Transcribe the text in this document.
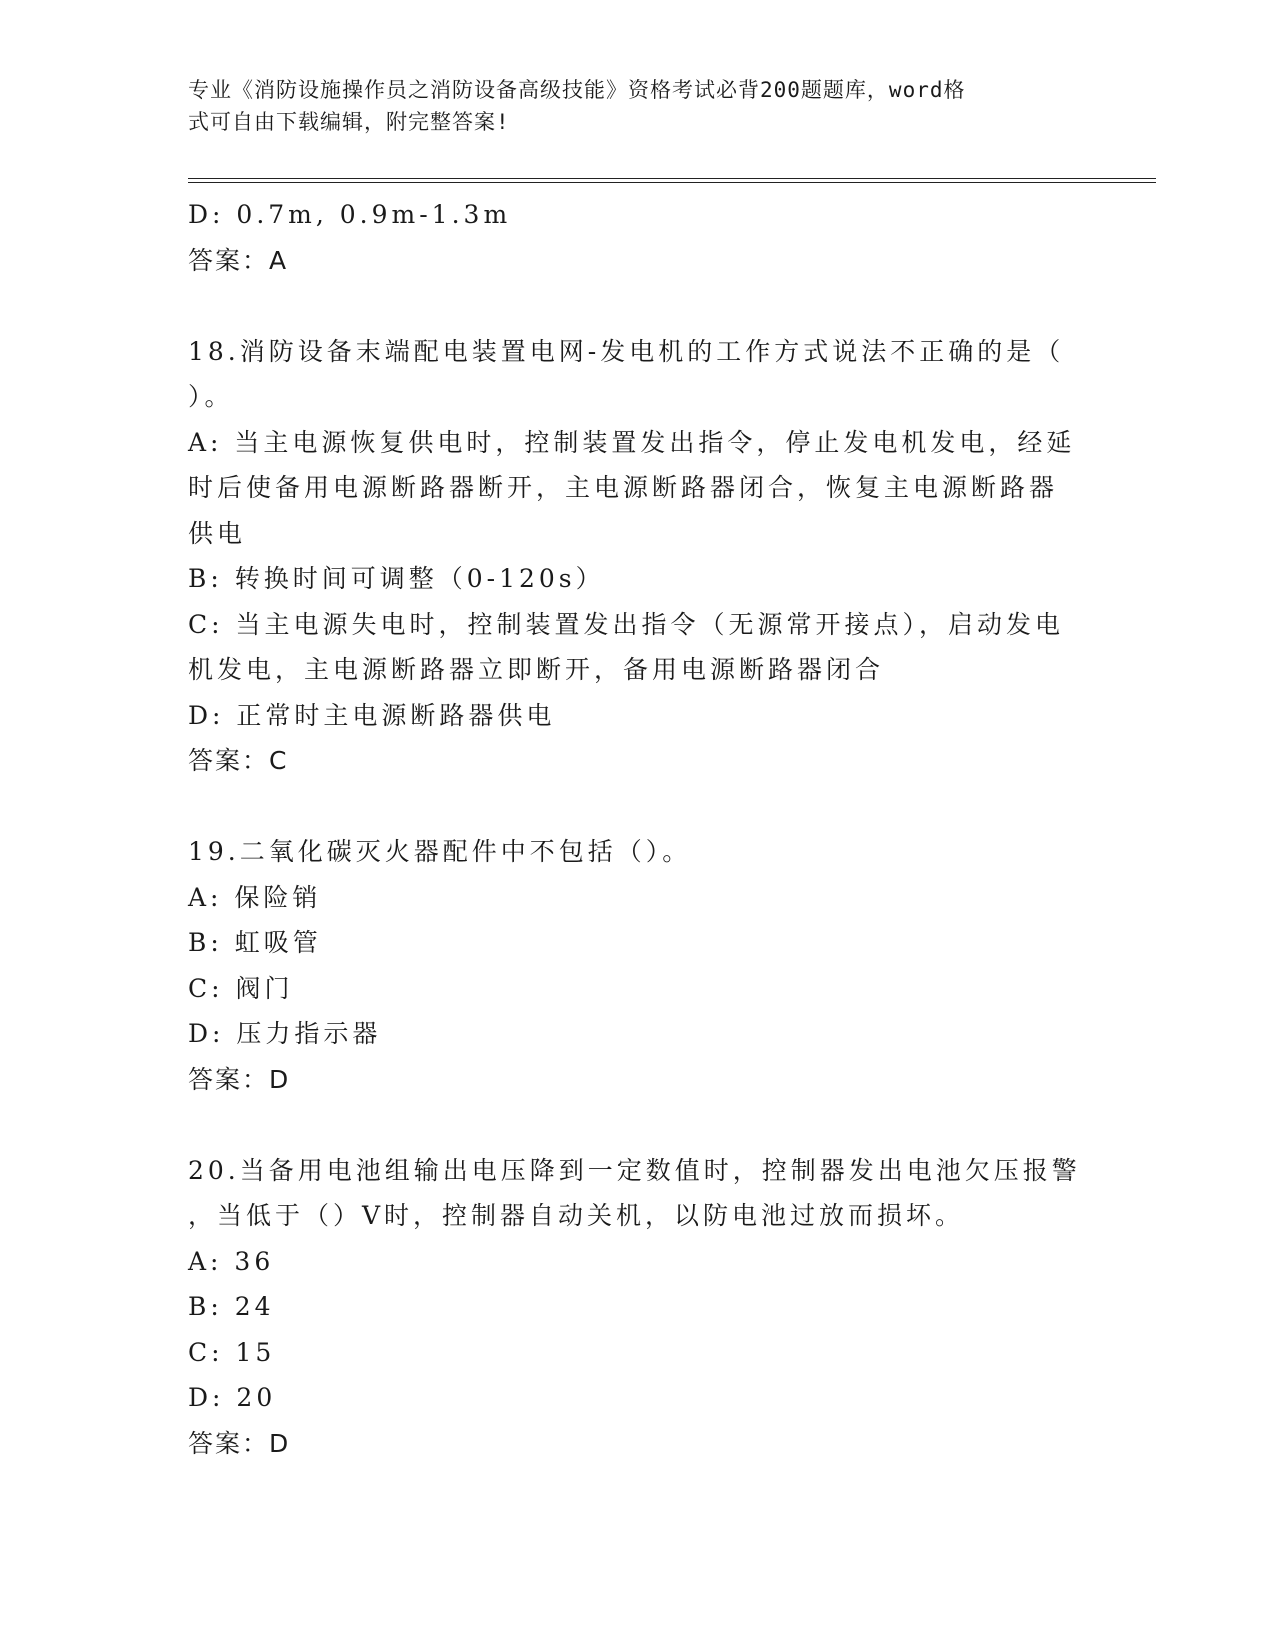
专业《消防设施操作员之消防设备高级技能》资格考试必背200题题库，word格
式可自由下载编辑，附完整答案!
D: 0.7m, 0.9m-1.3m
答案：A
18.消防设备末端配电装置电网-发电机的工作方式说法不正确的是（
）。
A: 当主电源恢复供电时，控制装置发出指令，停止发电机发电，经延
时后使备用电源断路器断开，主电源断路器闭合，恢复主电源断路器
供电
B: 转换时间可调整（0-120s）
C: 当主电源失电时，控制装置发出指令（无源常开接点），启动发电
机发电，主电源断路器立即断开，备用电源断路器闭合
D: 正常时主电源断路器供电
答案：C
19.二氧化碳灭火器配件中不包括（）。
A: 保险销
B: 虹吸管
C: 阀门
D: 压力指示器
答案：D
20.当备用电池组输出电压降到一定数值时，控制器发出电池欠压报警
，当低于（）V时，控制器自动关机，以防电池过放而损坏。
A: 36
B: 24
C: 15
D: 20
答案：D
